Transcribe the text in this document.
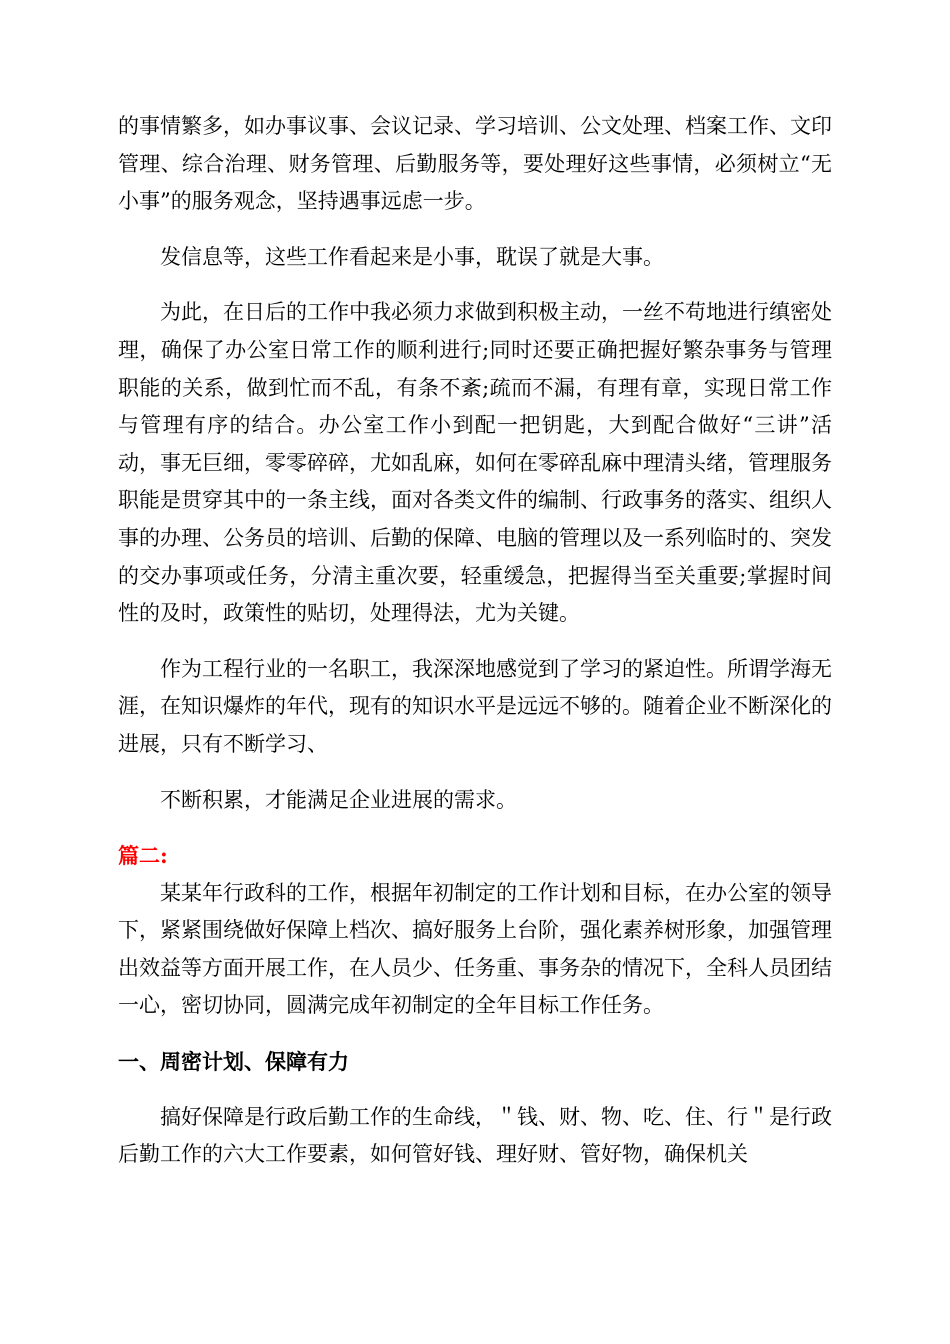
的事情繁多，如办事议事、会议记录、学习培训、公文处理、档案工作、文印管理、综合治理、财务管理、后勤服务等，要处理好这些事情，必须树立“无小事”的服务观念，坚持遇事远虑一步。

发信息等，这些工作看起来是小事，耽误了就是大事。

为此，在日后的工作中我必须力求做到积极主动，一丝不苟地进行缜密处理，确保了办公室日常工作的顺利进行;同时还要正确把握好繁杂事务与管理职能的关系，做到忙而不乱，有条不紊;疏而不漏，有理有章，实现日常工作与管理有序的结合。办公室工作小到配一把钥匙，大到配合做好“三讲”活动，事无巨细，零零碎碎，尤如乱麻，如何在零碎乱麻中理清头绪，管理服务职能是贯穿其中的一条主线，面对各类文件的编制、行政事务的落实、组织人事的办理、公务员的培训、后勤的保障、电脑的管理以及一系列临时的、突发的交办事项或任务，分清主重次要，轻重缓急，把握得当至关重要;掌握时间性的及时，政策性的贴切，处理得法，尤为关键。

作为工程行业的一名职工，我深深地感觉到了学习的紧迫性。所谓学海无涯，在知识爆炸的年代，现有的知识水平是远远不够的。随着企业不断深化的进展，只有不断学习、

不断积累，才能满足企业进展的需求。

篇二:

某某年行政科的工作，根据年初制定的工作计划和目标，在办公室的领导下，紧紧围绕做好保障上档次、搞好服务上台阶，强化素养树形象，加强管理出效益等方面开展工作，在人员少、任务重、事务杂的情况下，全科人员团结一心，密切协同，圆满完成年初制定的全年目标工作任务。

一、周密计划、保障有力

搞好保障是行政后勤工作的生命线，＂钱、财、物、吃、住、行＂是行政后勤工作的六大工作要素，如何管好钱、理好财、管好物，确保机关
